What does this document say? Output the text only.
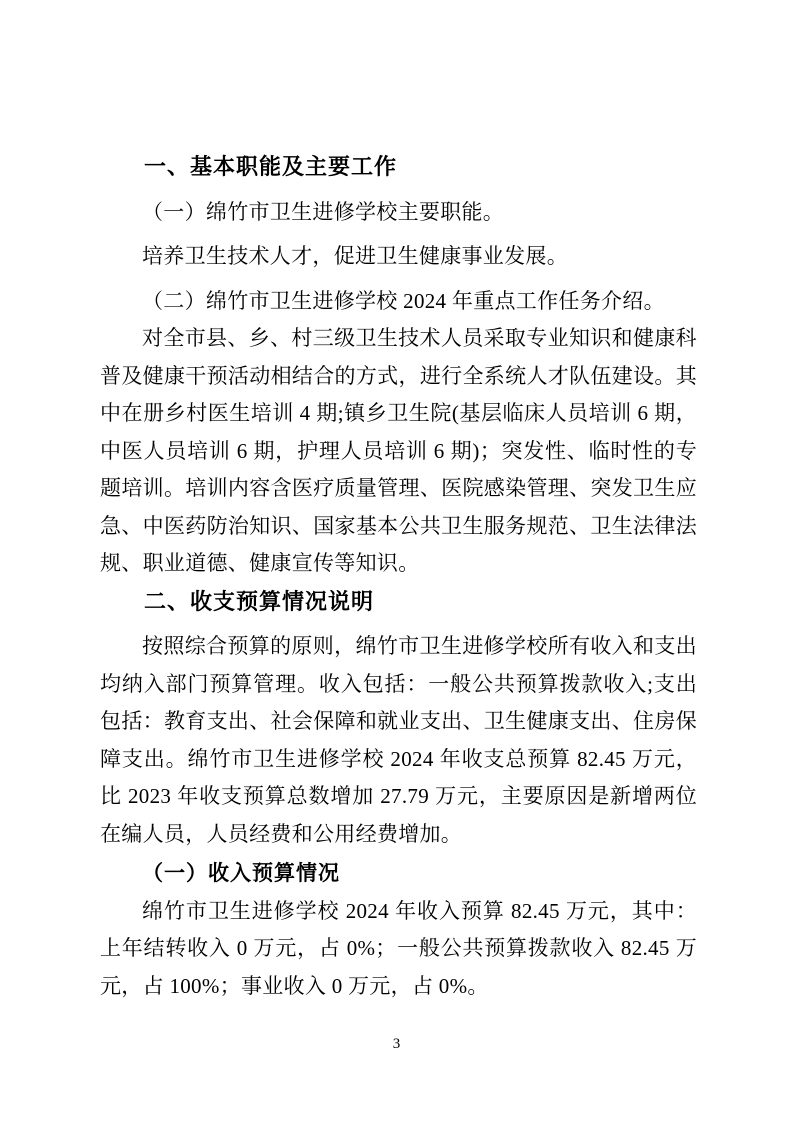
一、基本职能及主要工作

（一）绵竹市卫生进修学校主要职能。

培养卫生技术人才，促进卫生健康事业发展。

（二）绵竹市卫生进修学校 2024 年重点工作任务介绍。

对全市县、乡、村三级卫生技术人员采取专业知识和健康科普及健康干预活动相结合的方式，进行全系统人才队伍建设。其中在册乡村医生培训 4 期;镇乡卫生院(基层临床人员培训 6 期，中医人员培训 6 期，护理人员培训 6 期)；突发性、临时性的专题培训。培训内容含医疗质量管理、医院感染管理、突发卫生应急、中医药防治知识、国家基本公共卫生服务规范、卫生法律法规、职业道德、健康宣传等知识。

二、收支预算情况说明

按照综合预算的原则，绵竹市卫生进修学校所有收入和支出均纳入部门预算管理。收入包括：一般公共预算拨款收入;支出包括：教育支出、社会保障和就业支出、卫生健康支出、住房保障支出。绵竹市卫生进修学校 2024 年收支总预算 82.45 万元，比 2023 年收支预算总数增加 27.79 万元，主要原因是新增两位在编人员，人员经费和公用经费增加。

（一）收入预算情况

绵竹市卫生进修学校 2024 年收入预算 82.45 万元，其中：上年结转收入 0 万元，占 0%；一般公共预算拨款收入 82.45 万元，占 100%；事业收入 0 万元，占 0%。

3
